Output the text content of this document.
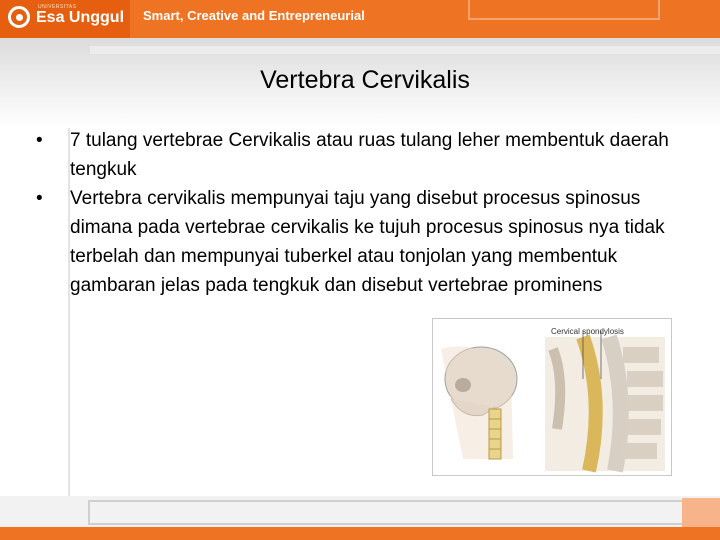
UNIVERSITAS
Esa Unggul Smart, Creative and Entrepreneurial
Vertebra Cervikalis
•	7 tulang vertebrae Cervikalis atau ruas tulang leher membentuk daerah tengkuk
•	Vertebra cervikalis mempunyai taju yang disebut procesus spinosus dimana pada vertebrae cervikalis ke tujuh procesus spinosus nya tidak terbelah dan mempunyai tuberkel atau tonjolan yang membentuk gambaran jelas pada tengkuk dan disebut vertebrae prominens
Cervical spondylosis
